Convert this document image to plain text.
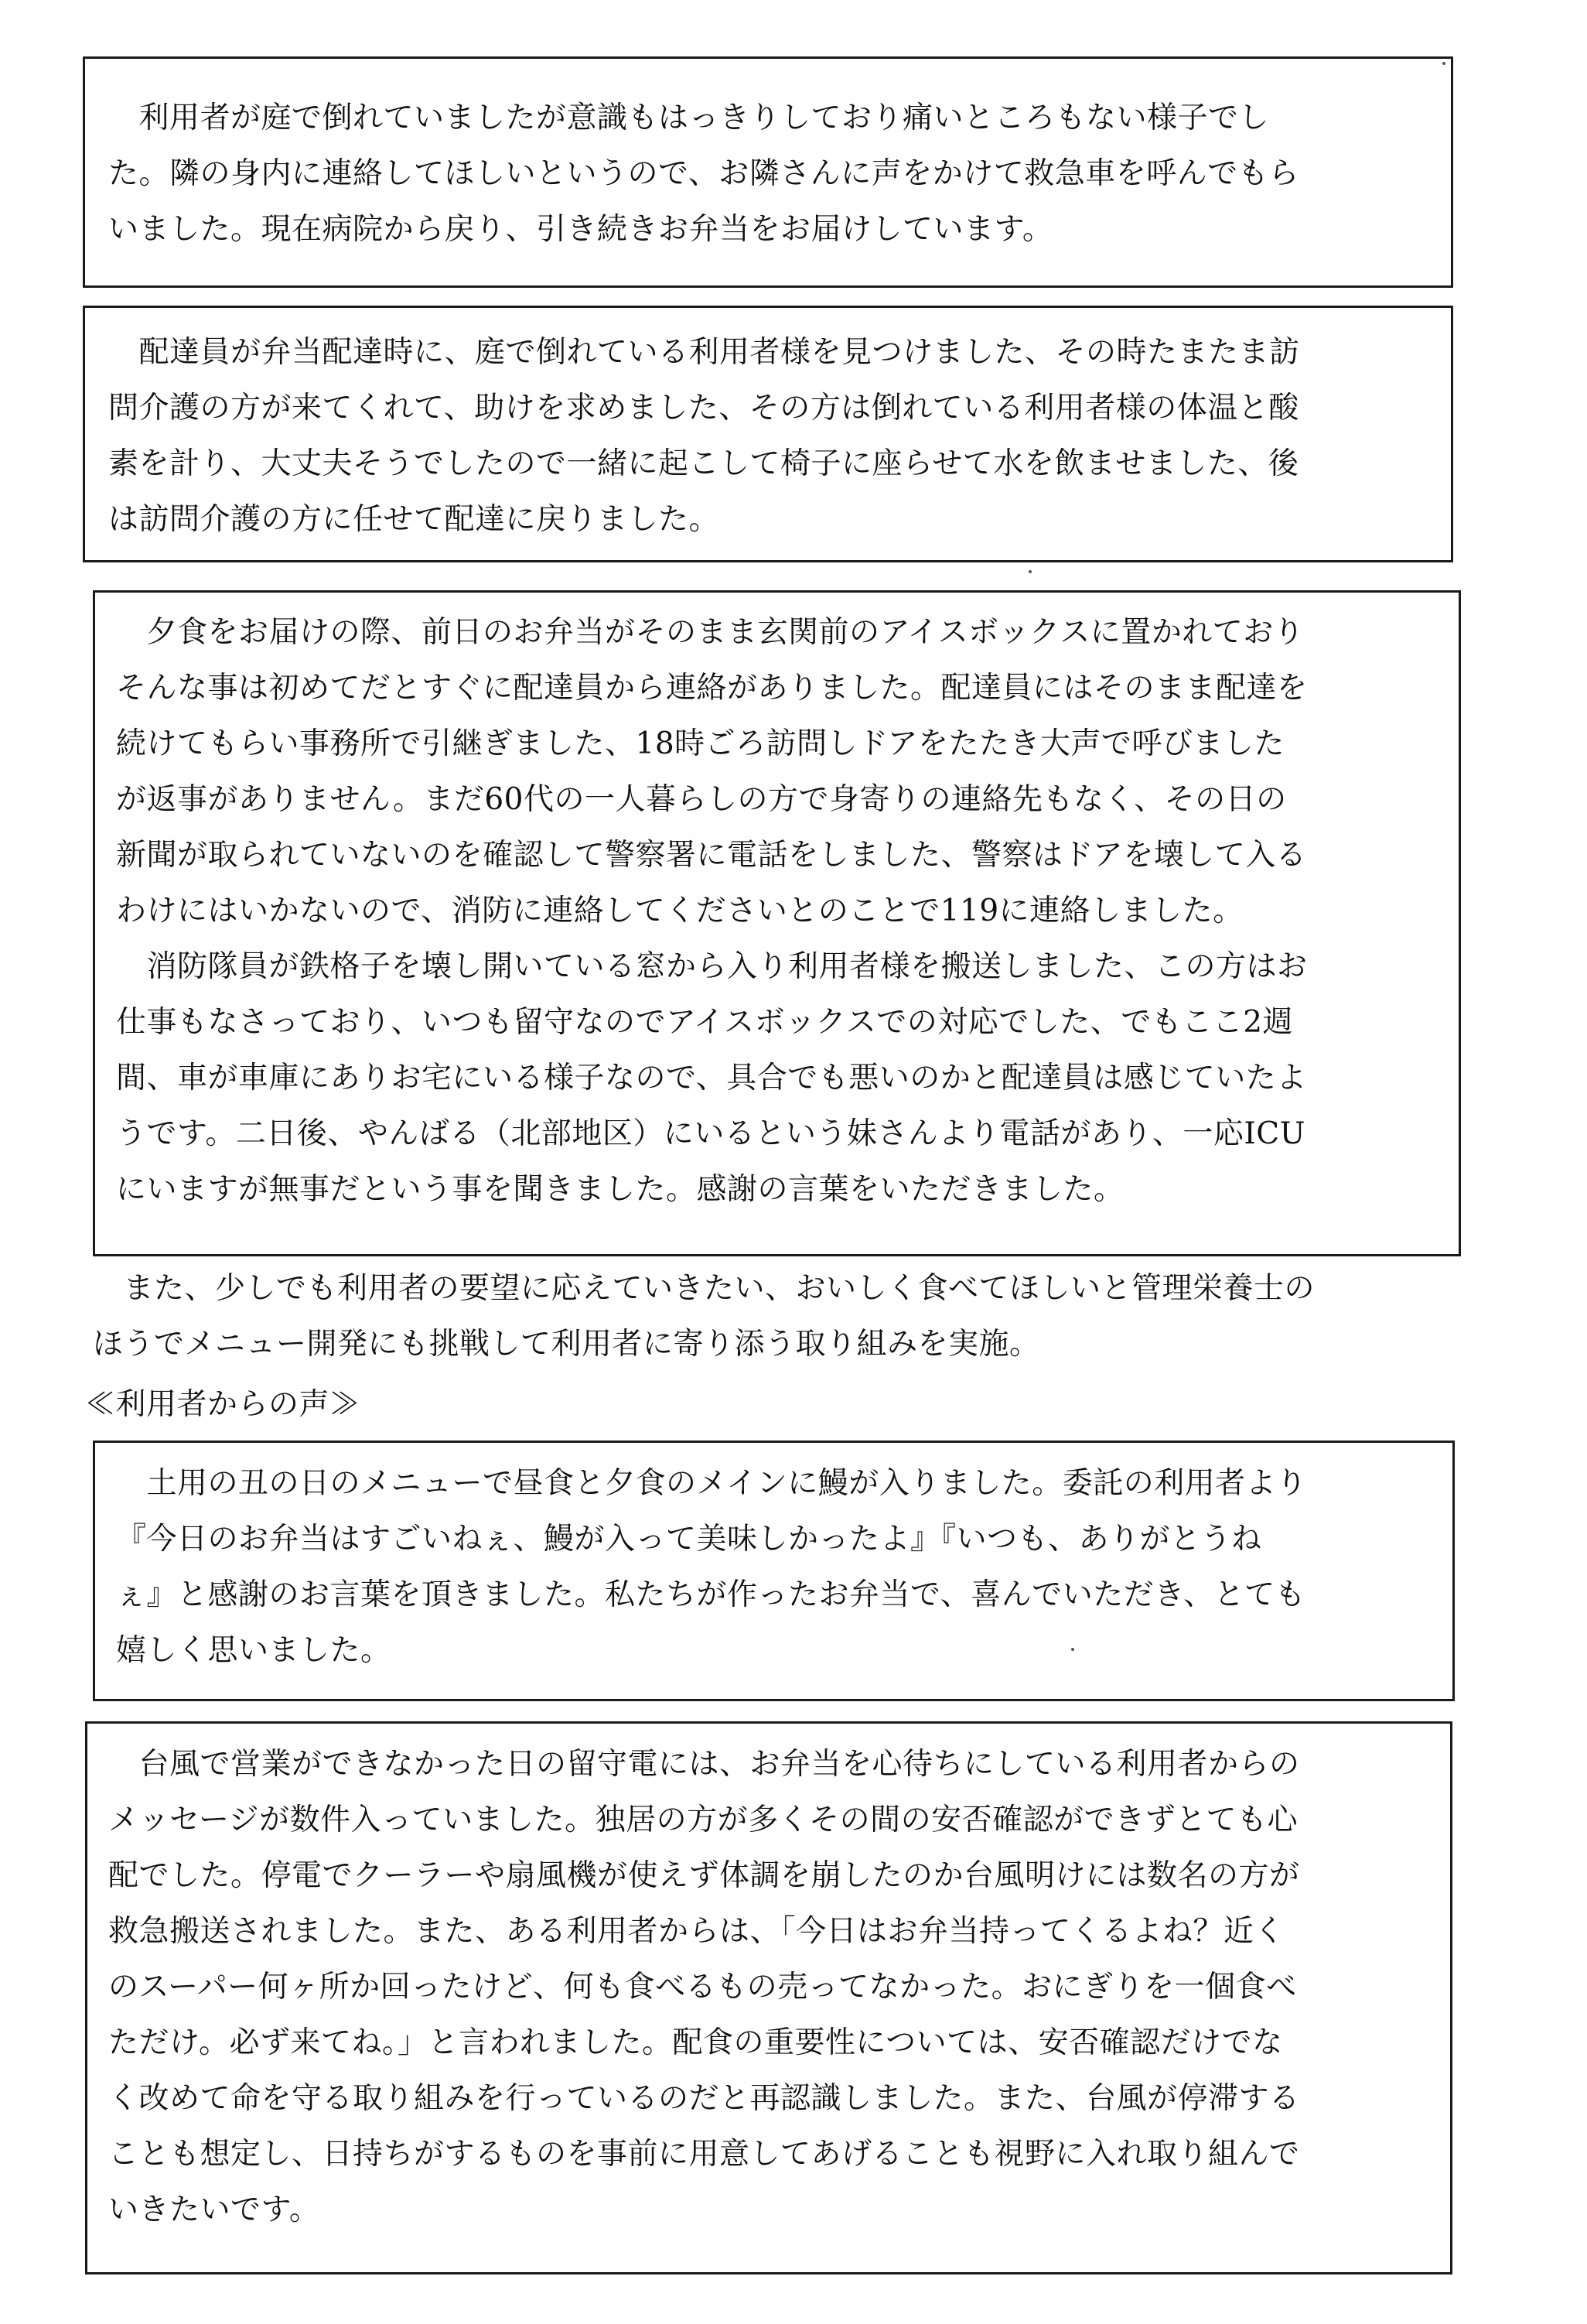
　利用者が庭で倒れていましたが意識もはっきりしており痛いところもない様子でし
た。隣の身内に連絡してほしいというので、お隣さんに声をかけて救急車を呼んでもら
いました。現在病院から戻り、引き続きお弁当をお届けしています。
　配達員が弁当配達時に、庭で倒れている利用者様を見つけました、その時たまたま訪
問介護の方が来てくれて、助けを求めました、その方は倒れている利用者様の体温と酸
素を計り、大丈夫そうでしたので一緒に起こして椅子に座らせて水を飲ませました、後
は訪問介護の方に任せて配達に戻りました。
　夕食をお届けの際、前日のお弁当がそのまま玄関前のアイスボックスに置かれており
そんな事は初めてだとすぐに配達員から連絡がありました。配達員にはそのまま配達を
続けてもらい事務所で引継ぎました、18時ごろ訪問しドアをたたき大声で呼びました
が返事がありません。まだ60代の一人暮らしの方で身寄りの連絡先もなく、その日の
新聞が取られていないのを確認して警察署に電話をしました、警察はドアを壊して入る
わけにはいかないので、消防に連絡してくださいとのことで119に連絡しました。
　消防隊員が鉄格子を壊し開いている窓から入り利用者様を搬送しました、この方はお
仕事もなさっており、いつも留守なのでアイスボックスでの対応でした、でもここ2週
間、車が車庫にありお宅にいる様子なので、具合でも悪いのかと配達員は感じていたよ
うです。二日後、やんばる（北部地区）にいるという妹さんより電話があり、一応ICU
にいますが無事だという事を聞きました。感謝の言葉をいただきました。
　また、少しでも利用者の要望に応えていきたい、おいしく食べてほしいと管理栄養士の
ほうでメニュー開発にも挑戦して利用者に寄り添う取り組みを実施。
≪利用者からの声≫
　土用の丑の日のメニューで昼食と夕食のメインに鰻が入りました。委託の利用者より
『今日のお弁当はすごいねぇ、鰻が入って美味しかったよ』『いつも、ありがとうね
ぇ』と感謝のお言葉を頂きました。私たちが作ったお弁当で、喜んでいただき、とても
嬉しく思いました。
　台風で営業ができなかった日の留守電には、お弁当を心待ちにしている利用者からの
メッセージが数件入っていました。独居の方が多くその間の安否確認ができずとても心
配でした。停電でクーラーや扇風機が使えず体調を崩したのか台風明けには数名の方が
救急搬送されました。また、ある利用者からは、「今日はお弁当持ってくるよね？近く
のスーパー何ヶ所か回ったけど、何も食べるもの売ってなかった。おにぎりを一個食べ
ただけ。必ず来てね。」と言われました。配食の重要性については、安否確認だけでな
く改めて命を守る取り組みを行っているのだと再認識しました。また、台風が停滞する
ことも想定し、日持ちがするものを事前に用意してあげることも視野に入れ取り組んで
いきたいです。
